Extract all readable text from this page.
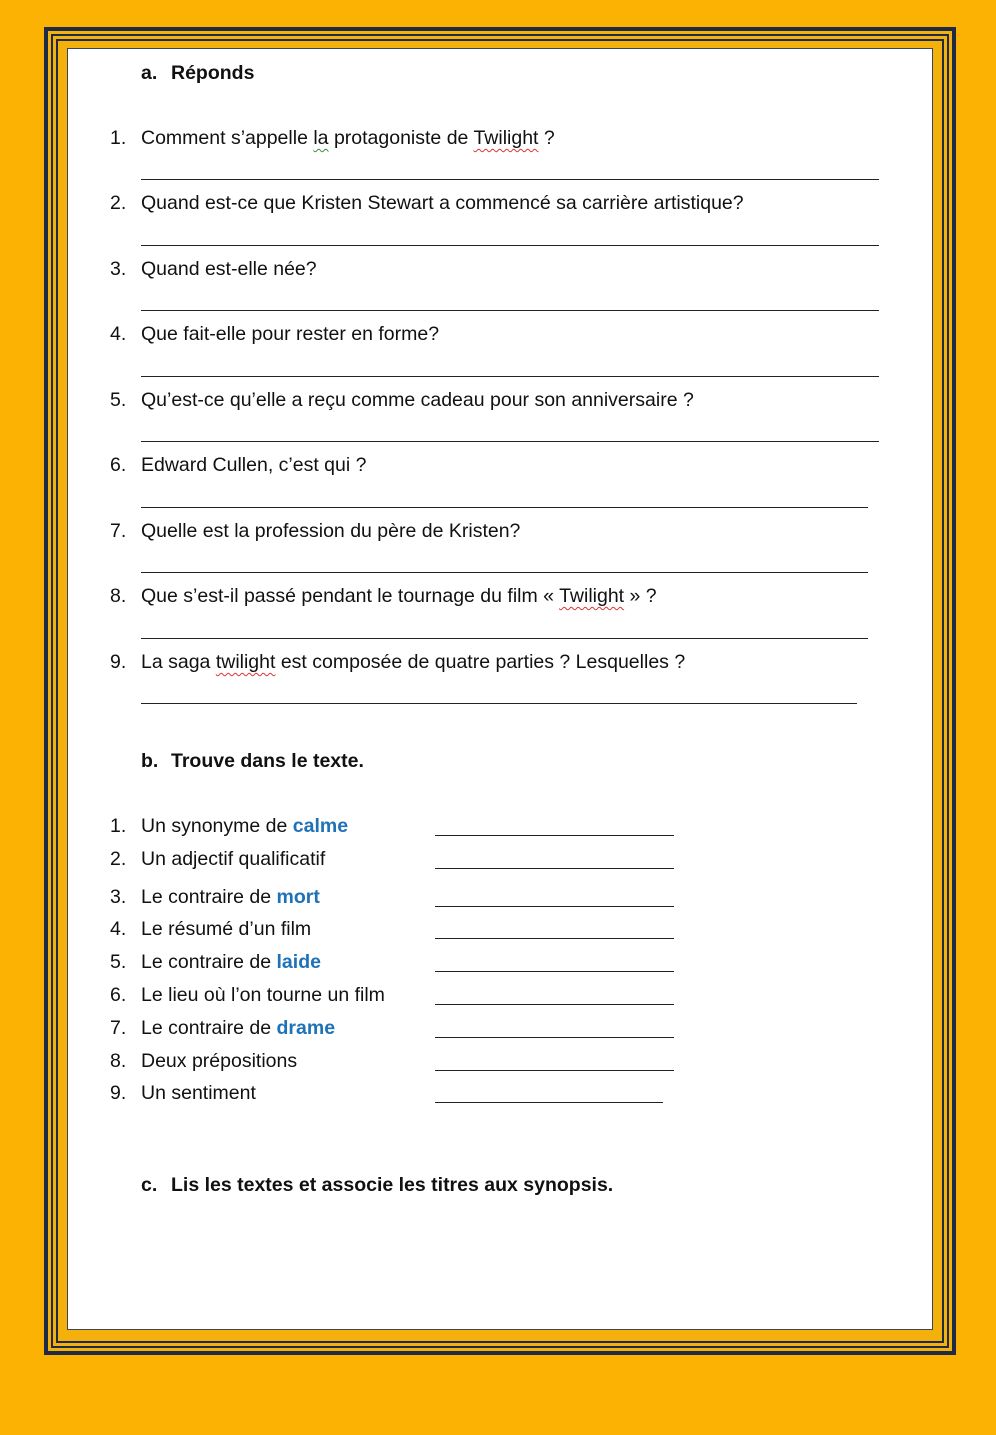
a. Réponds
1. Comment s’appelle la protagoniste de Twilight ?
2. Quand est-ce que Kristen Stewart a commencé sa carrière artistique?
3. Quand est-elle née?
4. Que fait-elle pour rester en forme?
5. Qu’est-ce qu’elle a reçu comme cadeau pour son anniversaire ?
6. Edward Cullen, c’est qui ?
7. Quelle est la profession du père de Kristen?
8. Que s’est-il passé pendant le tournage du film « Twilight » ?
9. La saga twilight est composée de quatre parties ? Lesquelles ?
b. Trouve dans le texte.
1. Un synonyme de calme
2. Un adjectif qualificatif
3. Le contraire de mort
4. Le résumé d’un film
5. Le contraire de laide
6. Le lieu où l’on tourne un film
7. Le contraire de drame
8. Deux prépositions
9. Un sentiment
c. Lis les textes et associe les titres aux synopsis.
